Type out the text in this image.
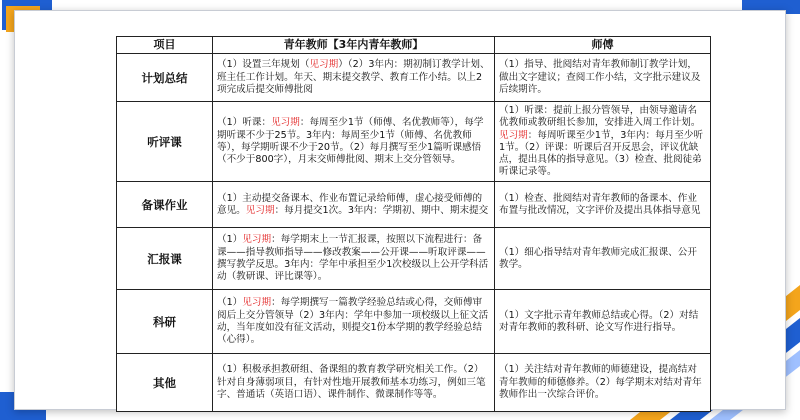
项目	青年教师【3年内青年教师】	师傅
计划总结	（1）设置三年规划（见习期）（2）3年内：期初制订教学计划、班主任工作计划。年天、期末提交教学、教育工作小结。以上2项完成后提交师傅批阅	（1）指导、批阅结对青年教师制订教学计划，做出文字建议；查阅工作小结，文字批示建议及后续期许。
听评课	（1）听课：见习期：每周至少1节（师傅、名优教师等），每学期听课不少于25节。3年内：每周至少1节（师傅、名优教师等），每学期听课不少于20节。（2）每月撰写至少1篇听课感悟（不少于800字），月末交师傅批阅、期末上交分管领导。	（1）听课：提前上报分管领导，由领导邀请名优教师或教研组长参加，安排进入周工作计划。见习期：每周听课至少1节，3年内：每月至少听1节。（2）评课：听课后召开反思会，评议优缺点，提出具体的指导意见。（3）检查、批阅徒弟听课记录等。
备课作业	（1）主动提交备课本、作业布置记录给师傅，虚心接受师傅的意见。见习期：每月提交1次。3年内：学期初、期中、期末提交	（1）检查、批阅结对青年教师的备课本、作业布置与批改情况，文字评价及提出具体指导意见
汇报课	（1）见习期：每学期末上一节汇报课，按照以下流程进行：备课——指导教师指导——修改教案——公开课——听取评课——撰写教学反思。3年内：学年中承担至少1次校级以上公开学科活动（教研课、评比课等）。	（1）细心指导结对青年教师完成汇报课、公开教学。
科研	（1）见习期：每学期撰写一篇教学经验总结或心得，交师傅审阅后上交分管领导（2）3年内：学年中参加一项校级以上征文活动，当年度如没有征文活动，则提交1份本学期的教学经验总结（心得）。	（1）文字批示青年教师总结或心得。（2）对结对青年教师的教科研、论文写作进行指导。
其他	（1）积极承担教研组、备课组的教育教学研究相关工作。（2）针对自身薄弱项目，有针对性地开展教师基本功练习，例如三笔字、普通话（英语口语）、课件制作、微课制作等等。	（1）关注结对青年教师的师德建设，提高结对青年教师的师德修养。（2）每学期末对结对青年教师作出一次综合评价。
